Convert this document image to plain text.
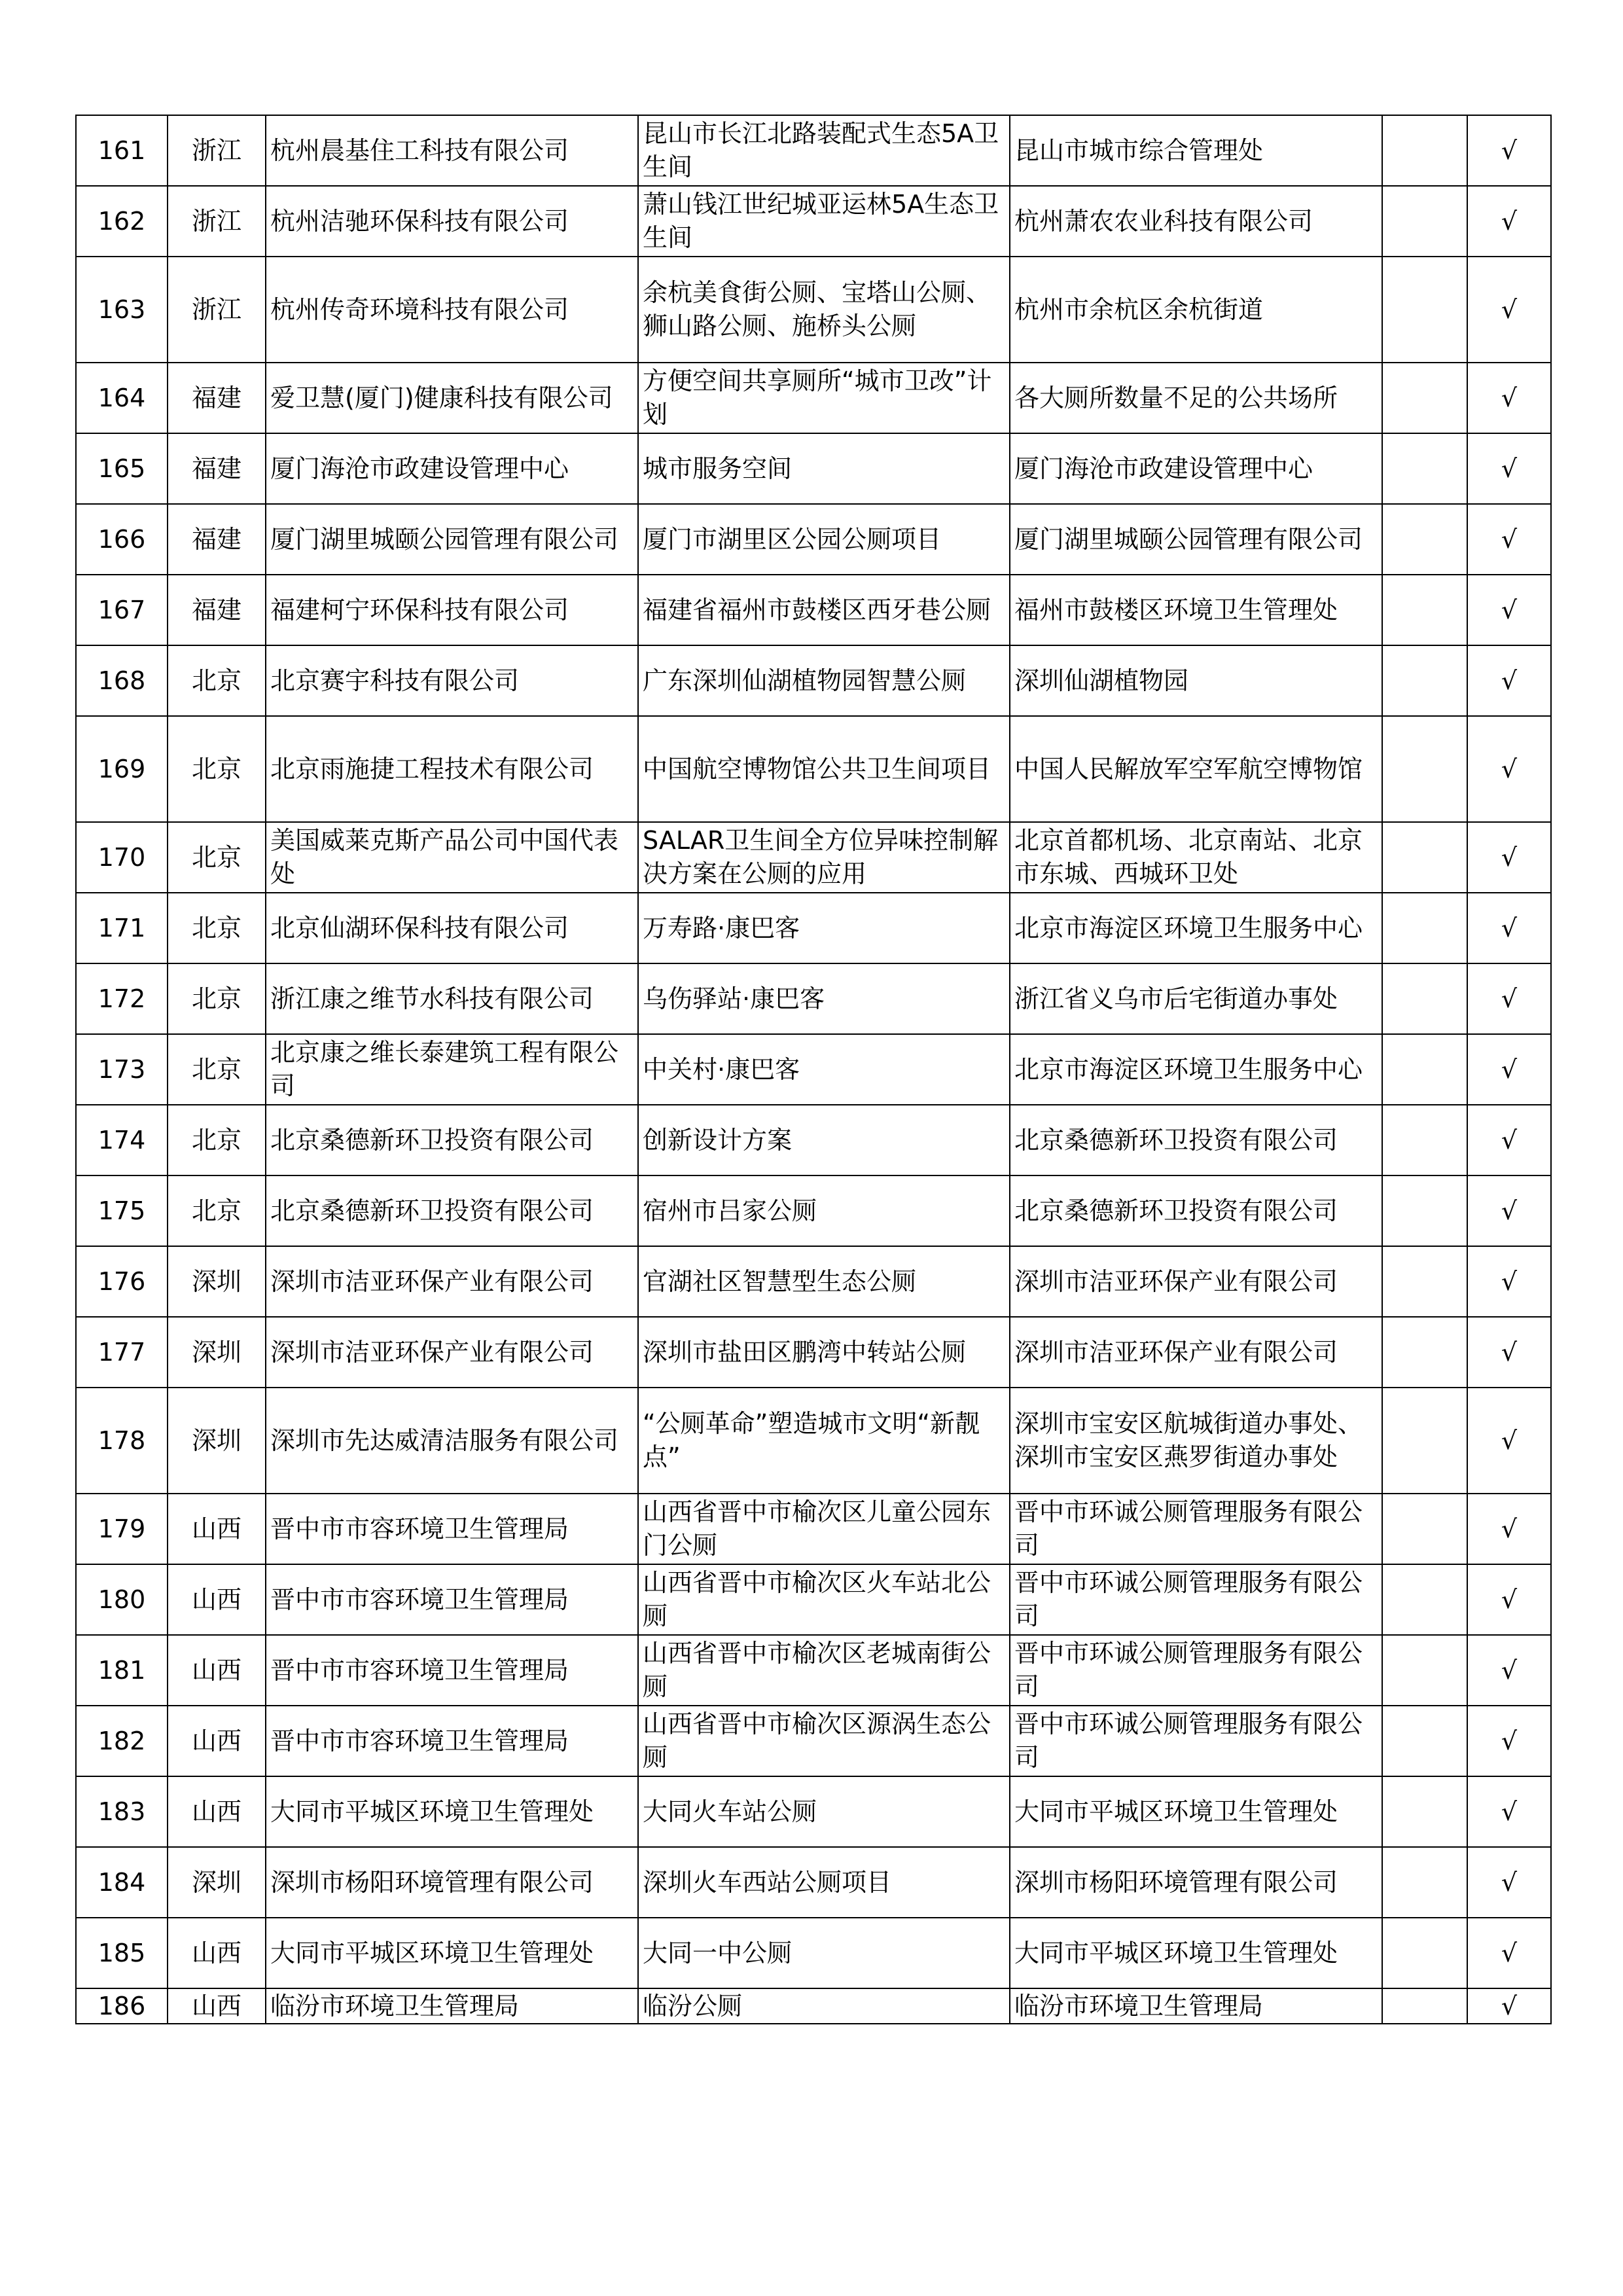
161	浙江	杭州晨基住工科技有限公司	昆山市长江北路装配式生态5A卫生间	昆山市城市综合管理处		√
162	浙江	杭州洁驰环保科技有限公司	萧山钱江世纪城亚运林5A生态卫生间	杭州萧农农业科技有限公司		√
163	浙江	杭州传奇环境科技有限公司	余杭美食街公厕、宝塔山公厕、狮山路公厕、施桥头公厕	杭州市余杭区余杭街道		√
164	福建	爱卫慧(厦门)健康科技有限公司	方便空间共享厕所“城市卫改”计划	各大厕所数量不足的公共场所		√
165	福建	厦门海沧市政建设管理中心	城市服务空间	厦门海沧市政建设管理中心		√
166	福建	厦门湖里城颐公园管理有限公司	厦门市湖里区公园公厕项目	厦门湖里城颐公园管理有限公司		√
167	福建	福建柯宁环保科技有限公司	福建省福州市鼓楼区西牙巷公厕	福州市鼓楼区环境卫生管理处		√
168	北京	北京赛宇科技有限公司	广东深圳仙湖植物园智慧公厕	深圳仙湖植物园		√
169	北京	北京雨施捷工程技术有限公司	中国航空博物馆公共卫生间项目	中国人民解放军空军航空博物馆		√
170	北京	美国威莱克斯产品公司中国代表处	SALAR卫生间全方位异味控制解决方案在公厕的应用	北京首都机场、北京南站、北京市东城、西城环卫处		√
171	北京	北京仙湖环保科技有限公司	万寿路·康巴客	北京市海淀区环境卫生服务中心		√
172	北京	浙江康之维节水科技有限公司	乌伤驿站·康巴客	浙江省义乌市后宅街道办事处		√
173	北京	北京康之维长泰建筑工程有限公司	中关村·康巴客	北京市海淀区环境卫生服务中心		√
174	北京	北京桑德新环卫投资有限公司	创新设计方案	北京桑德新环卫投资有限公司		√
175	北京	北京桑德新环卫投资有限公司	宿州市吕家公厕	北京桑德新环卫投资有限公司		√
176	深圳	深圳市洁亚环保产业有限公司	官湖社区智慧型生态公厕	深圳市洁亚环保产业有限公司		√
177	深圳	深圳市洁亚环保产业有限公司	深圳市盐田区鹏湾中转站公厕	深圳市洁亚环保产业有限公司		√
178	深圳	深圳市先达威清洁服务有限公司	“公厕革命”塑造城市文明“新靓点”	深圳市宝安区航城街道办事处、深圳市宝安区燕罗街道办事处		√
179	山西	晋中市市容环境卫生管理局	山西省晋中市榆次区儿童公园东门公厕	晋中市环诚公厕管理服务有限公司		√
180	山西	晋中市市容环境卫生管理局	山西省晋中市榆次区火车站北公厕	晋中市环诚公厕管理服务有限公司		√
181	山西	晋中市市容环境卫生管理局	山西省晋中市榆次区老城南街公厕	晋中市环诚公厕管理服务有限公司		√
182	山西	晋中市市容环境卫生管理局	山西省晋中市榆次区源涡生态公厕	晋中市环诚公厕管理服务有限公司		√
183	山西	大同市平城区环境卫生管理处	大同火车站公厕	大同市平城区环境卫生管理处		√
184	深圳	深圳市杨阳环境管理有限公司	深圳火车西站公厕项目	深圳市杨阳环境管理有限公司		√
185	山西	大同市平城区环境卫生管理处	大同一中公厕	大同市平城区环境卫生管理处		√
186	山西	临汾市环境卫生管理局	临汾公厕	临汾市环境卫生管理局		√
